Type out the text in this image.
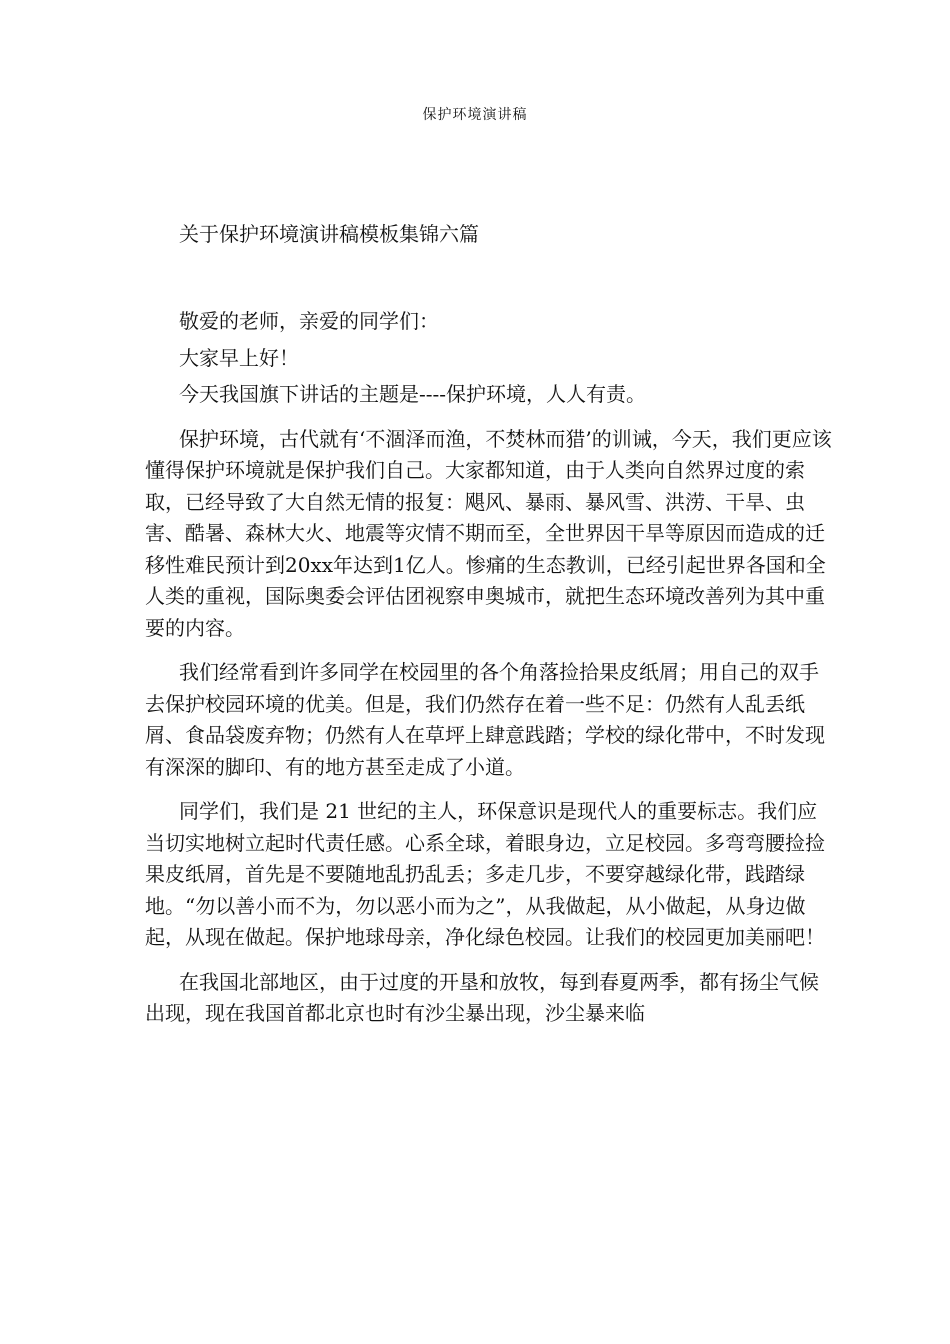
保护环境演讲稿
关于保护环境演讲稿模板集锦六篇

敬爱的老师，亲爱的同学们：

大家早上好！

今天我国旗下讲话的主题是----保护环境，人人有责。

保护环境，古代就有‘不涸泽而渔，不焚林而猎’的训诫，今天，我们更应该懂得保护环境就是保护我们自己。大家都知道，由于人类向自然界过度的索取，已经导致了大自然无情的报复：飓风、暴雨、暴风雪、洪涝、干旱、虫害、酷暑、森林大火、地震等灾情不期而至，全世界因干旱等原因而造成的迁移性难民预计到20xx年达到1亿人。惨痛的生态教训，已经引起世界各国和全人类的重视，国际奥委会评估团视察申奥城市，就把生态环境改善列为其中重要的内容。

我们经常看到许多同学在校园里的各个角落捡拾果皮纸屑；用自己的双手去保护校园环境的优美。但是，我们仍然存在着一些不足：仍然有人乱丢纸屑、食品袋废弃物；仍然有人在草坪上肆意践踏；学校的绿化带中，不时发现有深深的脚印、有的地方甚至走成了小道。

同学们，我们是 21 世纪的主人，环保意识是现代人的重要标志。我们应当切实地树立起时代责任感。心系全球，着眼身边，立足校园。多弯弯腰捡捡果皮纸屑，首先是不要随地乱扔乱丢；多走几步，不要穿越绿化带，践踏绿地。“勿以善小而不为，勿以恶小而为之”，从我做起，从小做起，从身边做起，从现在做起。保护地球母亲，净化绿色校园。让我们的校园更加美丽吧！

在我国北部地区，由于过度的开垦和放牧，每到春夏两季，都有扬尘气候出现，现在我国首都北京也时有沙尘暴出现，沙尘暴来临
